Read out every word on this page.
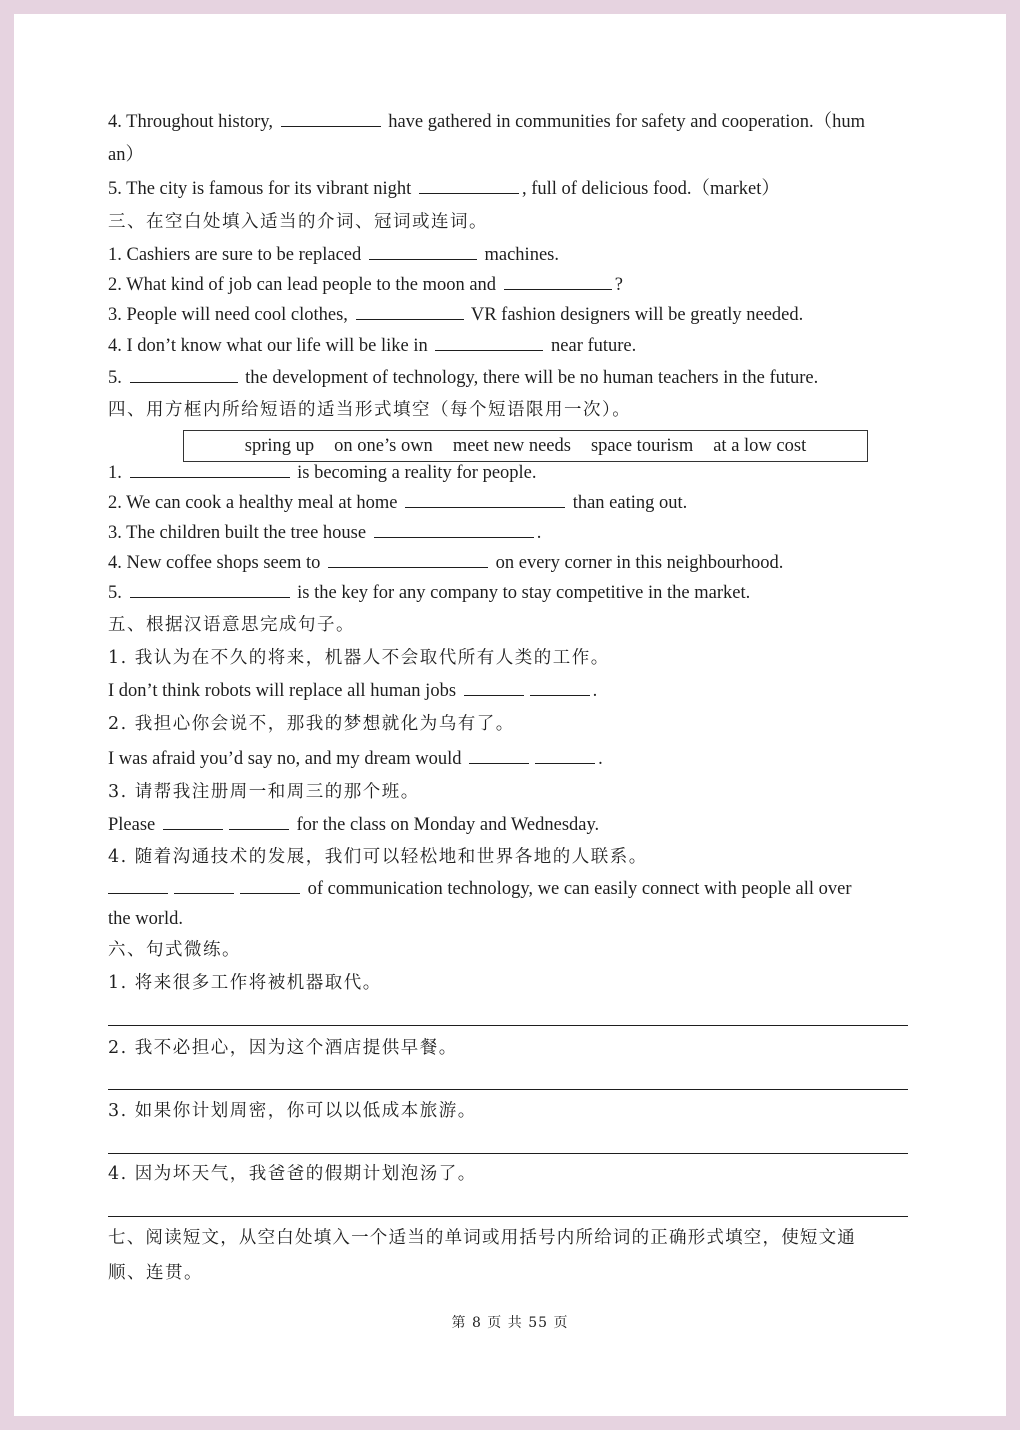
4. Throughout history,	have gathered in communities for safety and cooperation.（hum
an）
5. The city is famous for its vibrant night	, full of delicious food.（market）
三、在空白处填入适当的介词、冠词或连词。
1. Cashiers are sure to be replaced	machines.
2. What kind of job can lead people to the moon and	?
3. People will need cool clothes,	VR fashion designers will be greatly needed.
4. I don’t know what our life will be like in	near future.
5.	the development of technology, there will be no human teachers in the future.
四、用方框内所给短语的适当形式填空（每个短语限用一次）。
spring up on one’s own meet new needs space tourism at a low cost
1.	is becoming a reality for people.
2. We can cook a healthy meal at home	than eating out.
3. The children built the tree house	.
4. New coffee shops seem to	on every corner in this neighbourhood.
5.	is the key for any company to stay competitive in the market.
五、根据汉语意思完成句子。
1. 我认为在不久的将来，机器人不会取代所有人类的工作。
I don’t think robots will replace all human jobs	.
2. 我担心你会说不，那我的梦想就化为乌有了。
I was afraid you’d say no, and my dream would	.
3. 请帮我注册周一和周三的那个班。
Please	for the class on Monday and Wednesday.
4. 随着沟通技术的发展，我们可以轻松地和世界各地的人联系。
of communication technology, we can easily connect with people all over
the world.
六、句式微练。
1. 将来很多工作将被机器取代。
2. 我不必担心，因为这个酒店提供早餐。
3. 如果你计划周密，你可以以低成本旅游。
4. 因为坏天气，我爸爸的假期计划泡汤了。
七、阅读短文，从空白处填入一个适当的单词或用括号内所给词的正确形式填空，使短文通
顺、连贯。
第 8 页 共 55 页
